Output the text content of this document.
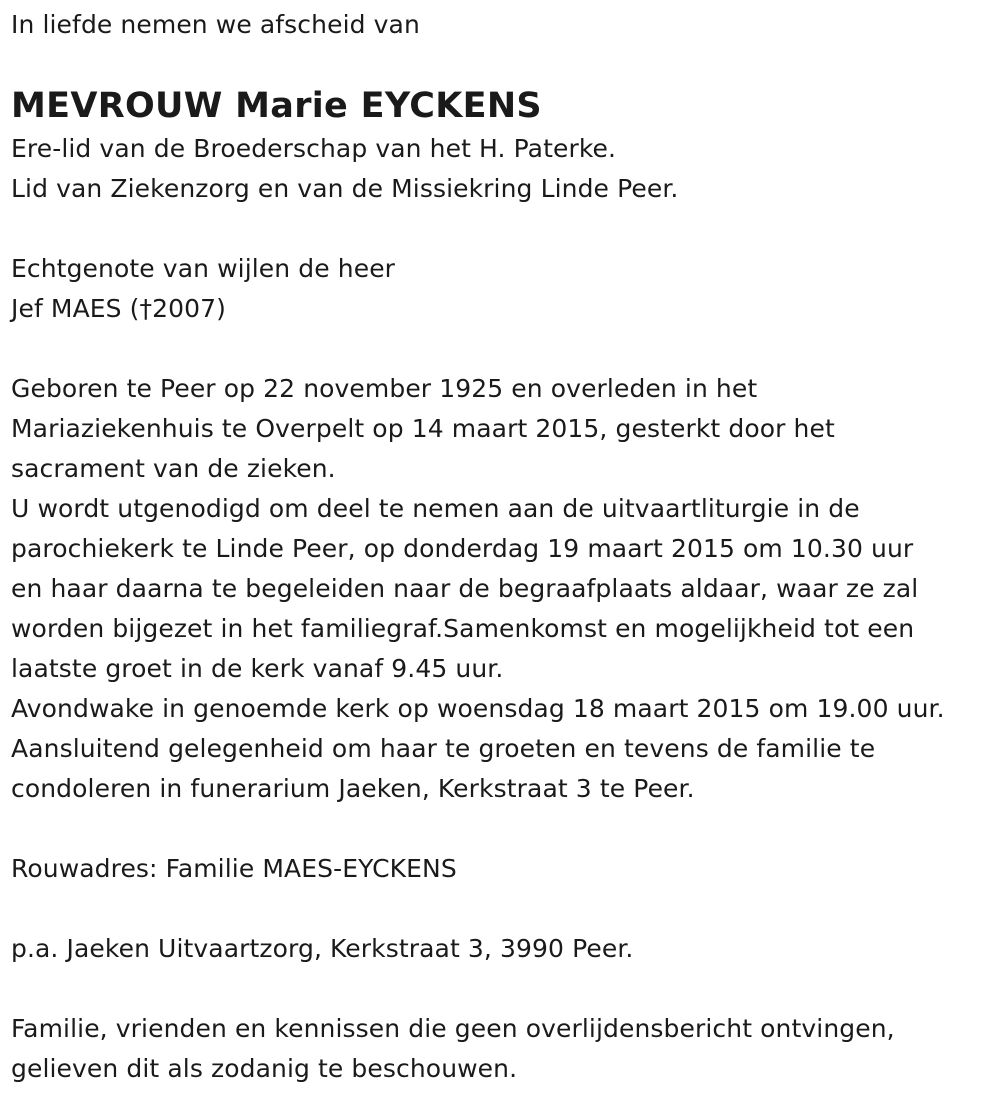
In liefde nemen we afscheid van
MEVROUW Marie EYCKENS
Ere-lid van de Broederschap van het H. Paterke.
Lid van Ziekenzorg en van de Missiekring Linde Peer.
Echtgenote van wijlen de heer
Jef MAES (†2007)
Geboren te Peer op 22 november 1925 en overleden in het
Mariaziekenhuis te Overpelt op 14 maart 2015, gesterkt door het
sacrament van de zieken.
U wordt utgenodigd om deel te nemen aan de uitvaartliturgie in de
parochiekerk te Linde Peer, op donderdag 19 maart 2015 om 10.30 uur
en haar daarna te begeleiden naar de begraafplaats aldaar, waar ze zal
worden bijgezet in het familiegraf.Samenkomst en mogelijkheid tot een
laatste groet in de kerk vanaf 9.45 uur.
Avondwake in genoemde kerk op woensdag 18 maart 2015 om 19.00 uur.
Aansluitend gelegenheid om haar te groeten en tevens de familie te
condoleren in funerarium Jaeken, Kerkstraat 3 te Peer.
Rouwadres: Familie MAES-EYCKENS
p.a. Jaeken Uitvaartzorg, Kerkstraat 3, 3990 Peer.
Familie, vrienden en kennissen die geen overlijdensbericht ontvingen,
gelieven dit als zodanig te beschouwen.
